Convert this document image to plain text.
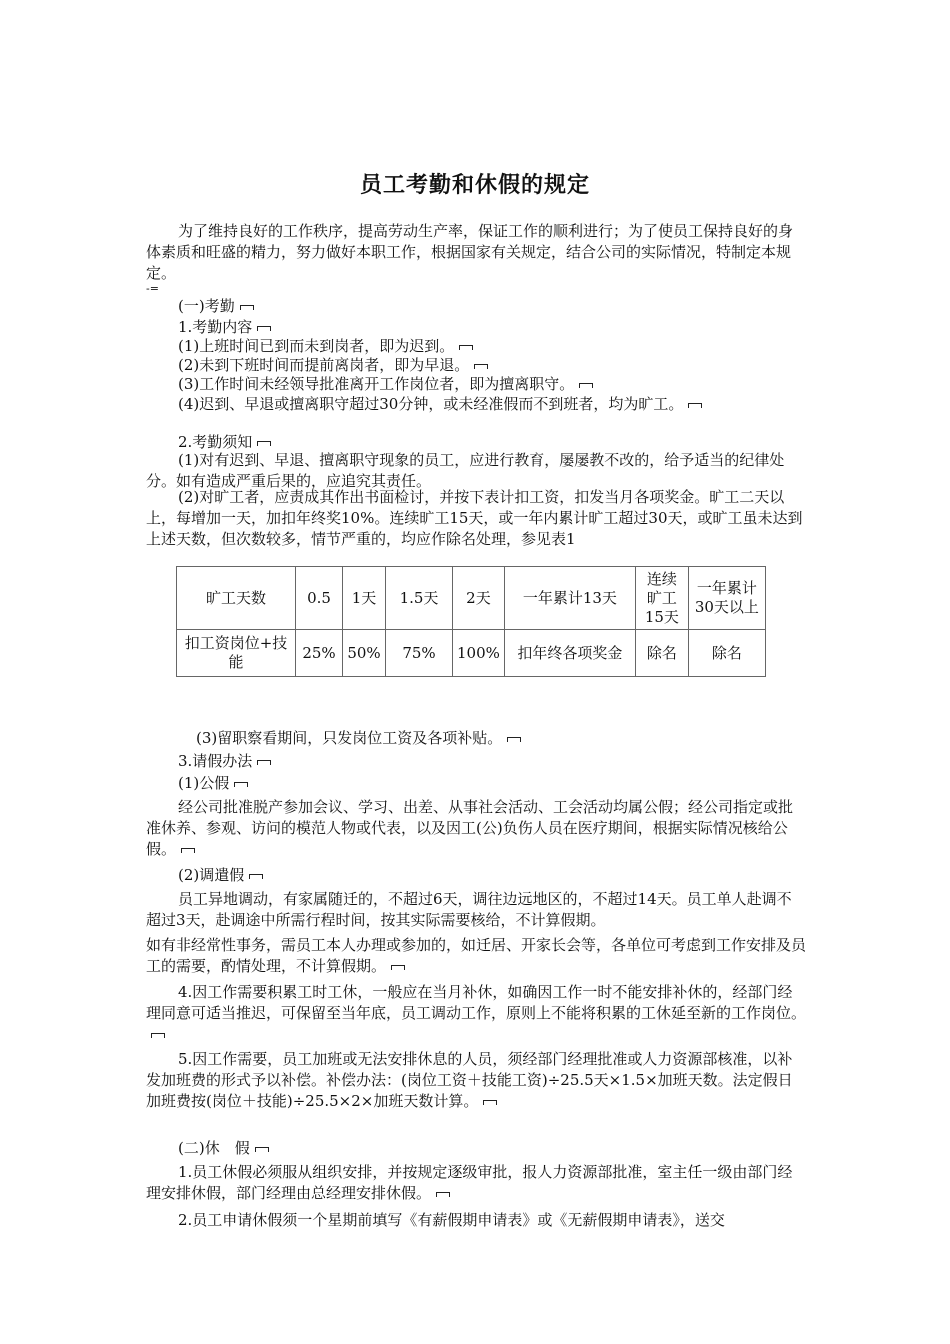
员工考勤和休假的规定
为了维持良好的工作秩序，提高劳动生产率，保证工作的顺利进行；为了使员工保持良好的身体素质和旺盛的精力，努力做好本职工作，根据国家有关规定，结合公司的实际情况，特制定本规定。
-=
(一)考勤
1.考勤内容
(1)上班时间已到而未到岗者，即为迟到。
(2)未到下班时间而提前离岗者，即为早退。
(3)工作时间未经领导批准离开工作岗位者，即为擅离职守。
(4)迟到、早退或擅离职守超过30分钟，或未经准假而不到班者，均为旷工。
2.考勤须知
(1)对有迟到、早退、擅离职守现象的员工，应进行教育，屡屡教不改的，给予适当的纪律处分。如有造成严重后果的，应追究其责任。
(2)对旷工者，应责成其作出书面检讨，并按下表计扣工资，扣发当月各项奖金。旷工二天以上，每增加一天，加扣年终奖10%。连续旷工15天，或一年内累计旷工超过30天，或旷工虽未达到上述天数，但次数较多，情节严重的，均应作除名处理，参见表1
旷工天数	0.5	1天	1.5天	2天	一年累计13天	连续旷工15天	一年累计30天以上
扣工资岗位+技能	25%	50%	75%	100%	扣年终各项奖金	除名	除名
(3)留职察看期间，只发岗位工资及各项补贴。
3.请假办法
(1)公假
经公司批准脱产参加会议、学习、出差、从事社会活动、工会活动均属公假；经公司指定或批准休养、参观、访问的模范人物或代表，以及因工(公)负伤人员在医疗期间，根据实际情况核给公假。
(2)调遣假
员工异地调动，有家属随迁的，不超过6天，调往边远地区的，不超过14天。员工单人赴调不超过3天，赴调途中所需行程时间，按其实际需要核给，不计算假期。
如有非经常性事务，需员工本人办理或参加的，如迁居、开家长会等，各单位可考虑到工作安排及员工的需要，酌情处理，不计算假期。
4.因工作需要积累工时工休，一般应在当月补休，如确因工作一时不能安排补休的，经部门经理同意可适当推迟，可保留至当年底，员工调动工作，原则上不能将积累的工休延至新的工作岗位。
5.因工作需要，员工加班或无法安排休息的人员，须经部门经理批准或人力资源部核准，以补发加班费的形式予以补偿。补偿办法：(岗位工资＋技能工资)÷25.5天×1.5×加班天数。法定假日加班费按(岗位＋技能)÷25.5×2×加班天数计算。
(二)休　假
1.员工休假必须服从组织安排，并按规定逐级审批，报人力资源部批准，室主任一级由部门经理安排休假，部门经理由总经理安排休假。
2.员工申请休假须一个星期前填写《有薪假期申请表》或《无薪假期申请表》，送交
